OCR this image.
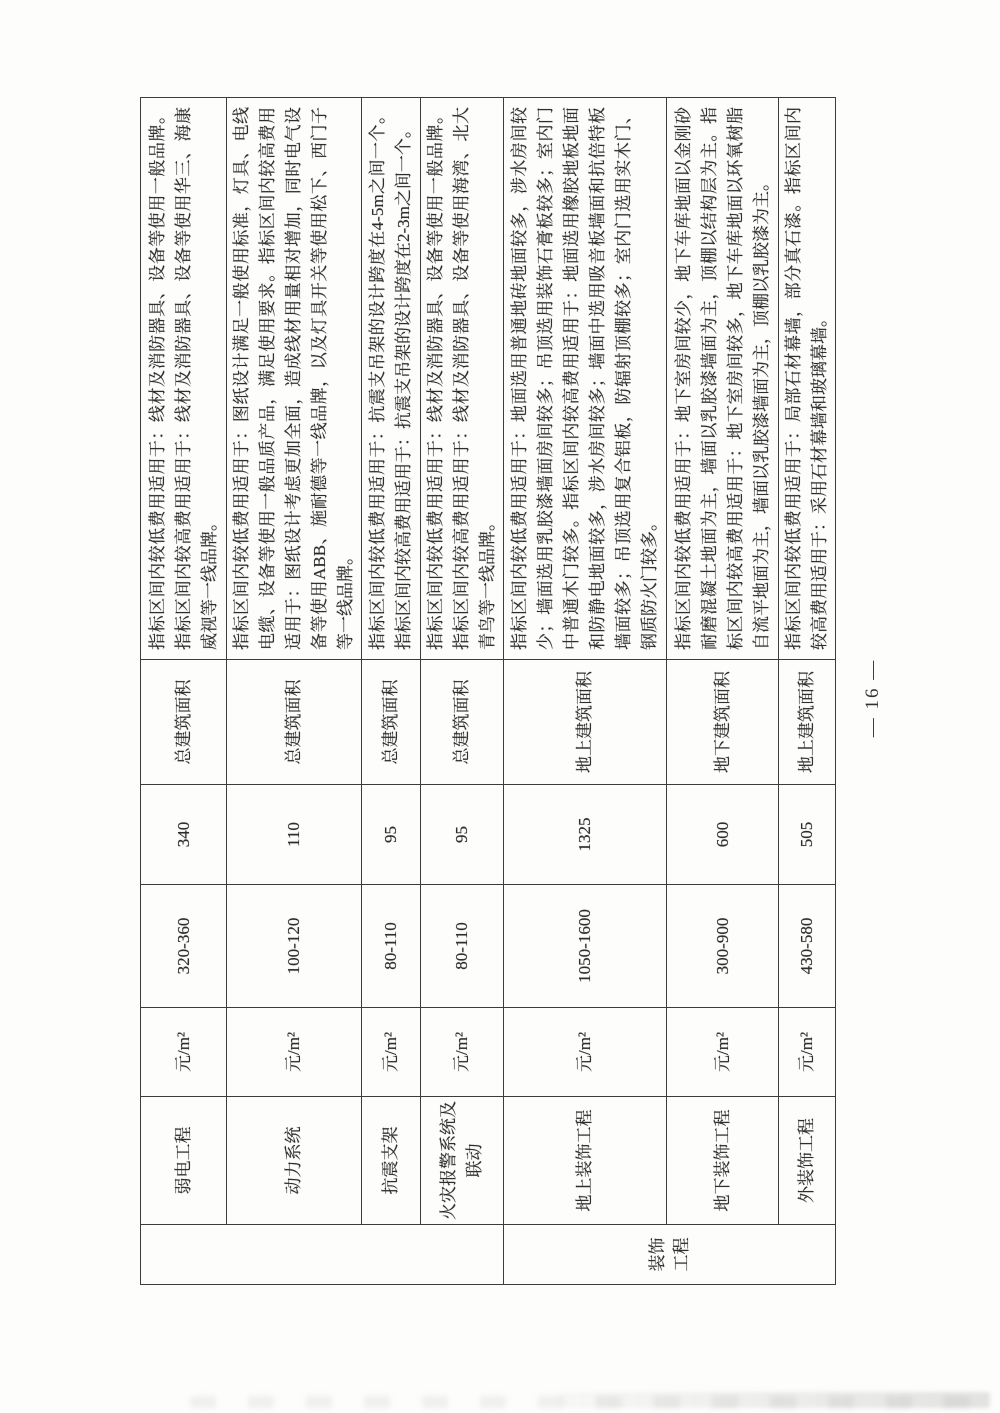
	弱电工程	元/m²	320-360	340	总建筑面积	指标区间内较低费用适用于：线材及消防器具、设备等使用一般品牌。指标区间内较高费用适用于：线材及消防器具、设备等使用华三、海康威视等一线品牌。
	动力系统	元/m²	100-120	110	总建筑面积	指标区间内较低费用适用于：图纸设计满足一般使用标准，灯具、电线电缆、设备等使用一般品质产品，满足使用要求。指标区间内较高费用适用于：图纸设计考虑更加全面，造成线材用量相对增加，同时电气设备等使用ABB、施耐德等一线品牌，以及灯具开关等使用松下、西门子等一线品牌。
	抗震支架	元/m²	80-110	95	总建筑面积	指标区间内较低费用适用于：抗震支吊架的设计跨度在4-5m之间一个。指标区间内较高费用适用于：抗震支吊架的设计跨度在2-3m之间一个。
	火灾报警系统及联动	元/m²	80-110	95	总建筑面积	指标区间内较低费用适用于：线材及消防器具、设备等使用一般品牌。指标区间内较高费用适用于：线材及消防器具、设备等使用海湾、北大青鸟等一线品牌。
装饰工程	地上装饰工程	元/m²	1050-1600	1325	地上建筑面积	指标区间内较低费用适用于：地面选用普通地砖地面较多，涉水房间较少；墙面选用乳胶漆墙面房间较多；吊顶选用装饰石膏板较多；室内门中普通木门较多。指标区间内较高费用适用于：地面选用橡胶地板地面和防静电地面较多，涉水房间较多；墙面中选用吸音板墙面和抗倍特板墙面较多；吊顶选用复合铝板，防辐射顶棚较多；室内门选用实木门、钢质防火门较多。
	地下装饰工程	元/m²	300-900	600	地下建筑面积	指标区间内较低费用适用于：地下室房间较少，地下车库地面以金刚砂耐磨混凝土地面为主，墙面以乳胶漆墙面为主，顶棚以结构层为主。指标区间内较高费用适用于：地下室房间较多，地下车库地面以环氧树脂自流平地面为主，墙面以乳胶漆墙面为主，顶棚以乳胶漆为主。
	外装饰工程	元/m²	430-580	505	地上建筑面积	指标区间内较低费用适用于：局部石材幕墙，部分真石漆。指标区间内较高费用适用于：采用石材幕墙和玻璃幕墙。
— 16 —
